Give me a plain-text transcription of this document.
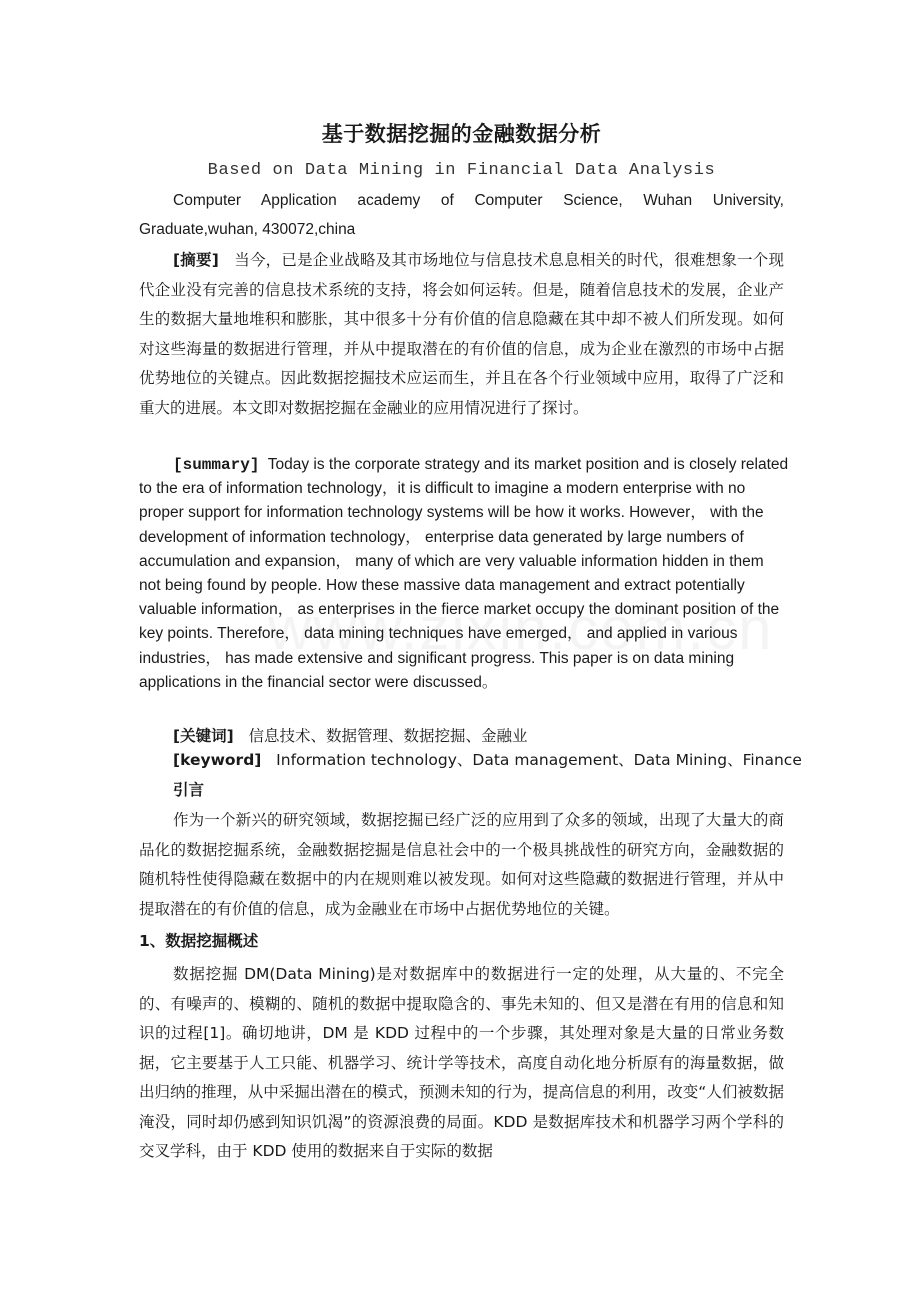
基于数据挖掘的金融数据分析
Based on Data Mining in Financial Data Analysis
Computer Application academy of Computer Science, Wuhan University, Graduate,wuhan, 430072,china

[摘要] 当今，已是企业战略及其市场地位与信息技术息息相关的时代，很难想象一个现代企业没有完善的信息技术系统的支持，将会如何运转。但是，随着信息技术的发展，企业产生的数据大量地堆积和膨胀，其中很多十分有价值的信息隐藏在其中却不被人们所发现。如何对这些海量的数据进行管理，并从中提取潜在的有价值的信息，成为企业在激烈的市场中占据优势地位的关键点。因此数据挖掘技术应运而生，并且在各个行业领域中应用，取得了广泛和重大的进展。本文即对数据挖掘在金融业的应用情况进行了探讨。

[summary] Today is the corporate strategy and its market position and is closely related to the era of information technology，it is difficult to imagine a modern enterprise with no proper support for information technology systems will be how it works. However， with the development of information technology， enterprise data generated by large numbers of accumulation and expansion， many of which are very valuable information hidden in them not being found by people. How these massive data management and extract potentially valuable information， as enterprises in the fierce market occupy the dominant position of the key points. Therefore， data mining techniques have emerged， and applied in various industries， has made extensive and significant progress. This paper is on data mining applications in the financial sector were discussed。

[关键词] 信息技术、数据管理、数据挖掘、金融业
[keyword] Information technology、Data management、Data Mining、Finance
引言

作为一个新兴的研究领域，数据挖掘已经广泛的应用到了众多的领域，出现了大量大的商品化的数据挖掘系统，金融数据挖掘是信息社会中的一个极具挑战性的研究方向，金融数据的随机特性使得隐藏在数据中的内在规则难以被发现。如何对这些隐藏的数据进行管理，并从中提取潜在的有价值的信息，成为金融业在市场中占据优势地位的关键。

1、数据挖掘概述

数据挖掘 DM(Data Mining)是对数据库中的数据进行一定的处理，从大量的、不完全的、有噪声的、模糊的、随机的数据中提取隐含的、事先未知的、但又是潜在有用的信息和知识的过程[1]。确切地讲，DM 是 KDD 过程中的一个步骤，其处理对象是大量的日常业务数据，它主要基于人工只能、机器学习、统计学等技术，高度自动化地分析原有的海量数据，做出归纳的推理，从中采掘出潜在的模式，预测未知的行为，提高信息的利用，改变“人们被数据淹没，同时却仍感到知识饥渴”的资源浪费的局面。KDD 是数据库技术和机器学习两个学科的交叉学科，由于 KDD 使用的数据来自于实际的数据
